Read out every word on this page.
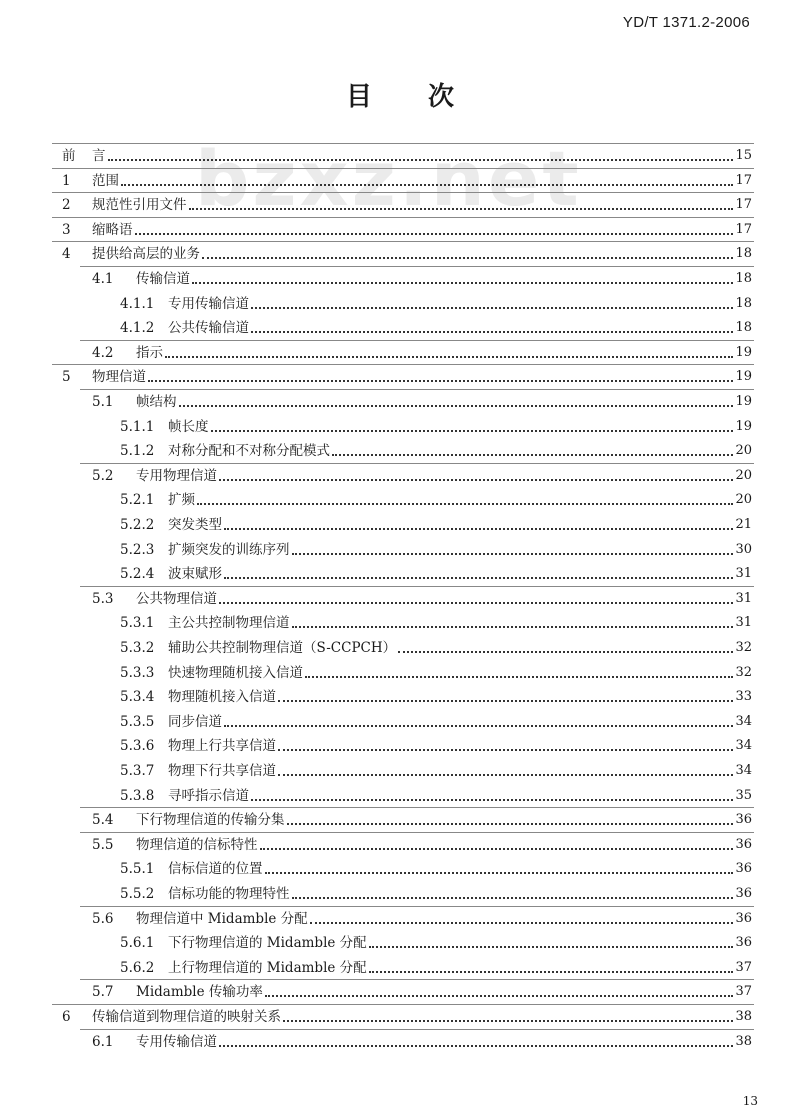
YD/T 1371.2-2006
bzxz.net
目 次
前	言	15
1	范围	17
2	规范性引用文件	17
3	缩略语	17
4	提供给高层的业务	18
4.1	传输信道	18
4.1.1	专用传输信道	18
4.1.2	公共传输信道	18
4.2	指示	19
5	物理信道	19
5.1	帧结构	19
5.1.1	帧长度	19
5.1.2	对称分配和不对称分配模式	20
5.2	专用物理信道	20
5.2.1	扩频	20
5.2.2	突发类型	21
5.2.3	扩频突发的训练序列	30
5.2.4	波束赋形	31
5.3	公共物理信道	31
5.3.1	主公共控制物理信道	31
5.3.2	辅助公共控制物理信道（S-CCPCH）	32
5.3.3	快速物理随机接入信道	32
5.3.4	物理随机接入信道	33
5.3.5	同步信道	34
5.3.6	物理上行共享信道	34
5.3.7	物理下行共享信道	34
5.3.8	寻呼指示信道	35
5.4	下行物理信道的传输分集	36
5.5	物理信道的信标特性	36
5.5.1	信标信道的位置	36
5.5.2	信标功能的物理特性	36
5.6	物理信道中 Midamble 分配	36
5.6.1	下行物理信道的 Midamble 分配	36
5.6.2	上行物理信道的 Midamble 分配	37
5.7	Midamble 传输功率	37
6	传输信道到物理信道的映射关系	38
6.1	专用传输信道	38
13
